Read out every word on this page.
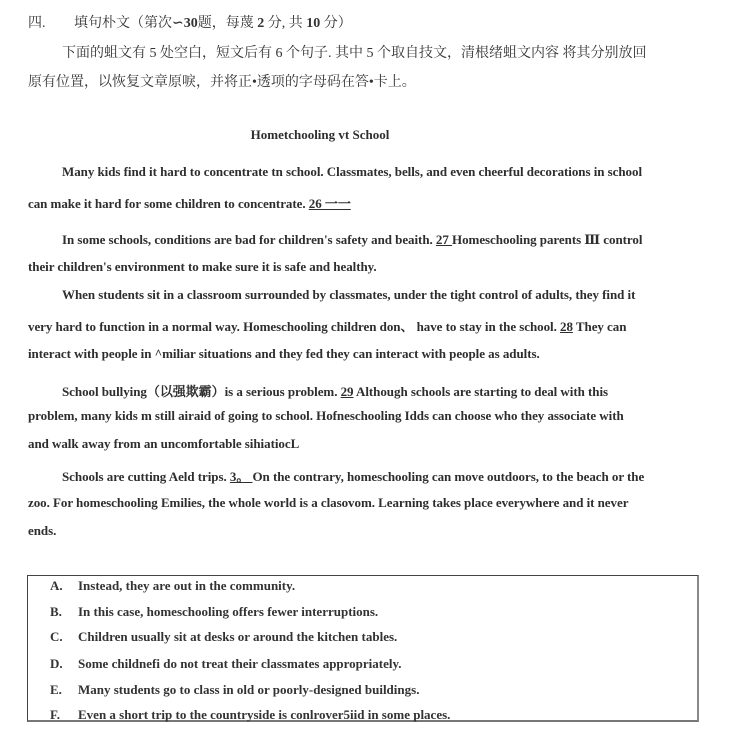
四. 填句朴文（第次∽30题，每蔑 2 分, 共 10 分）
下面的蛆文有 5 处空白，短文后有 6 个句子. 其中 5 个取自技文，清根绪蛆文内容 将其分别放回
原有位置，以恢复文章原唳，并将正•透项的字母码在答•卡上。
Hometchooling vt School
Many kids find it hard to concentrate tn school. Classmates, bells, and even cheerful decorations in school
can make it hard for some children to concentrate. 26 一一
In some schools, conditions are bad for children's safety and beaith. 27 Homeschooling parents Ⅲ control
their children's environment to make sure it is safe and healthy.
When students sit in a classroom surrounded by classmates, under the tight control of adults, they find it
very hard to function in a normal way. Homeschooling children don、 have to stay in the school. 28 They can
interact with people in ^miliar situations and they fed they can interact with people as adults.
School bullying（以强欺霸）is a serious problem. 29 Although schools are starting to deal with this
problem, many kids m still airaid of going to school. Hofneschooling Idds can choose who they associate with
and walk away from an uncomfortable sihiatiocL
Schools are cutting Aeld trips. 3。 On the contrary, homeschooling can move outdoors, to the beach or the
zoo. For homeschooling Emilies, the whole world is a clasovom. Learning takes place everywhere and it never
ends.
A. Instead, they are out in the community.
B. In this case, homeschooling offers fewer interruptions.
C. Children usually sit at desks or around the kitchen tables.
D. Some childnefi do not treat their classmates appropriately.
E. Many students go to class in old or poorly-designed buildings.
F. Even a short trip to the countryside is conlrover5iid in some places.
